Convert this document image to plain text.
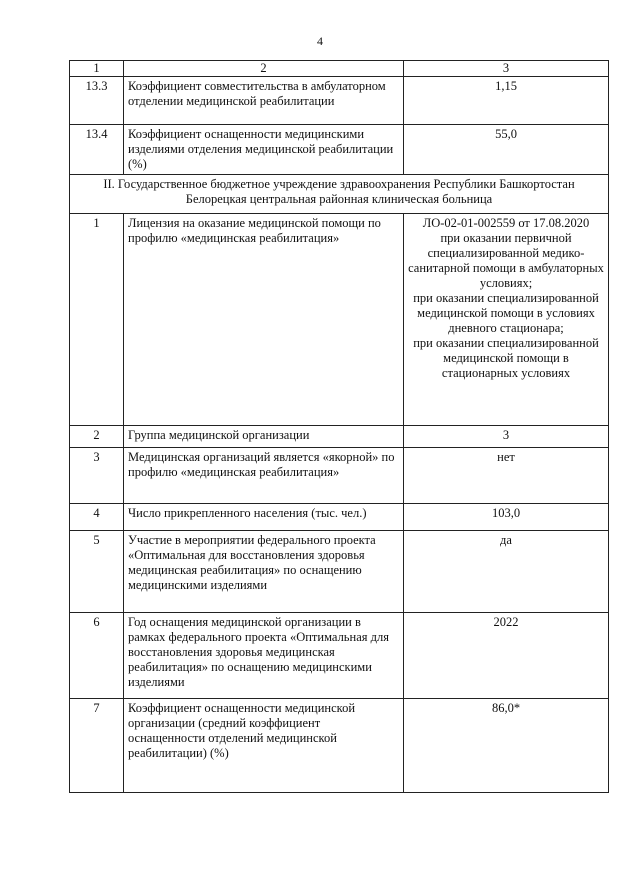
4
1	2	3
13.3	Коэффициент совместительства в амбулаторном отделении медицинской реабилитации	1,15
13.4	Коэффициент оснащенности медицинскими изделиями отделения медицинской реабилитации (%)	55,0
II. Государственное бюджетное учреждение здравоохранения Республики Башкортостан Белорецкая центральная районная клиническая больница		
1	Лицензия на оказание медицинской помощи по профилю «медицинская реабилитация»	ЛО-02-01-002559 от 17.08.2020
при оказании первичной специализированной медико-санитарной помощи в амбулаторных условиях;
при оказании специализированной медицинской помощи в условиях дневного стационара;
при оказании специализированной медицинской помощи в стационарных условиях
2	Группа медицинской организации	3
3	Медицинская организаций является «якорной» по профилю «медицинская реабилитация»	нет
4	Число прикрепленного населения (тыс. чел.)	103,0
5	Участие в мероприятии федерального проекта «Оптимальная для восстановления здоровья медицинская реабилитация» по оснащению медицинскими изделиями	да
6	Год оснащения медицинской организации в рамках федерального проекта «Оптимальная для восстановления здоровья медицинская реабилитация» по оснащению медицинскими изделиями	2022
7	Коэффициент оснащенности медицинской организации (средний коэффициент оснащенности отделений медицинской реабилитации) (%)	86,0*
